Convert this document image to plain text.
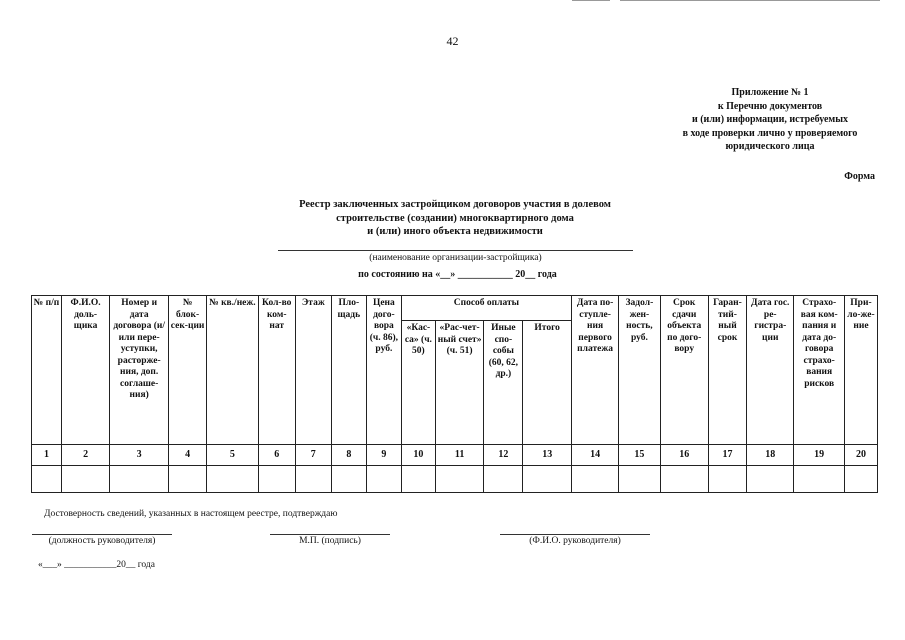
42
Приложение № 1
к Перечню документов
и (или) информации, истребуемых
в ходе проверки лично у проверяемого
юридического лица
Форма
Реестр заключенных застройщиком договоров участия в долевом
строительстве (создании) многоквартирного дома
и (или) иного объекта недвижимости
(наименование организации-застройщика)
по состоянию на «__» ___________ 20__ года
№ п/п	Ф.И.О. доль-щика	Номер и дата договора (и/или пере-уступки, расторже-ния, доп. соглаше-ния)	№ блок-сек-ции	№ кв./неж.	Кол-во ком-нат	Этаж	Пло-щадь	Цена дого-вора (ч. 86), руб.	Способ оплаты				Дата по-ступле-ния первого платежа	Задол-жен-ность, руб.	Срок сдачи объекта по дого-вору	Гаран-тий-ный срок	Дата гос. ре-гистра-ции	Страхо-вая ком-пания и дата до-говора страхо-вания рисков	При-ло-же-ние
									«Кас-са» (ч. 50)	«Рас-чет-ный счет» (ч. 51)	Иные спо-собы (60, 62, др.)	Итого							
1	2	3	4	5	6	7	8	9	10	11	12	13	14	15	16	17	18	19	20

Достоверность сведений, указанных в настоящем реестре, подтверждаю
(должность руководителя)	М.П. (подпись)	(Ф.И.О. руководителя)
«___» ___________20__ года
